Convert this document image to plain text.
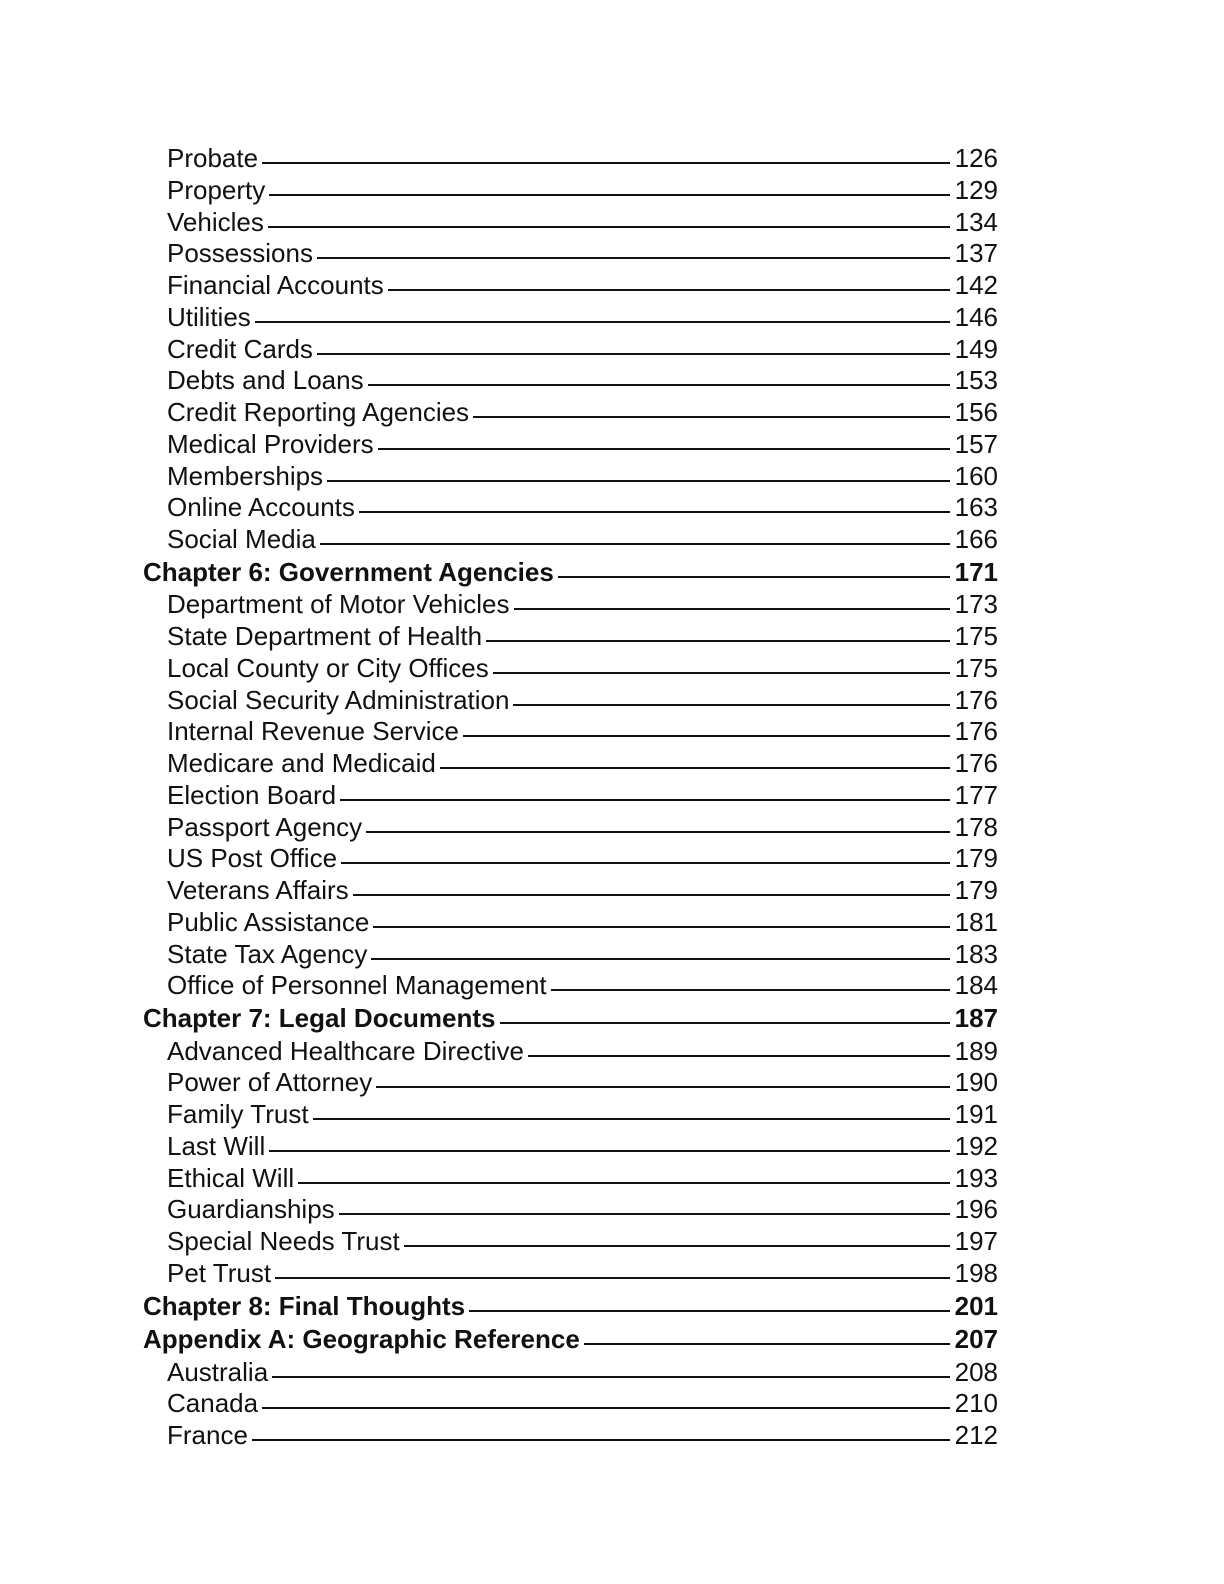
Probate	126
Property	129
Vehicles	134
Possessions	137
Financial Accounts	142
Utilities	146
Credit Cards	149
Debts and Loans	153
Credit Reporting Agencies	156
Medical Providers	157
Memberships	160
Online Accounts	163
Social Media	166
Chapter 6: Government Agencies	171
Department of Motor Vehicles	173
State Department of Health	175
Local County or City Offices	175
Social Security Administration	176
Internal Revenue Service	176
Medicare and Medicaid	176
Election Board	177
Passport Agency	178
US Post Office	179
Veterans Affairs	179
Public Assistance	181
State Tax Agency	183
Office of Personnel Management	184
Chapter 7: Legal Documents	187
Advanced Healthcare Directive	189
Power of Attorney	190
Family Trust	191
Last Will	192
Ethical Will	193
Guardianships	196
Special Needs Trust	197
Pet Trust	198
Chapter 8: Final Thoughts	201
Appendix A: Geographic Reference	207
Australia	208
Canada	210
France	212
